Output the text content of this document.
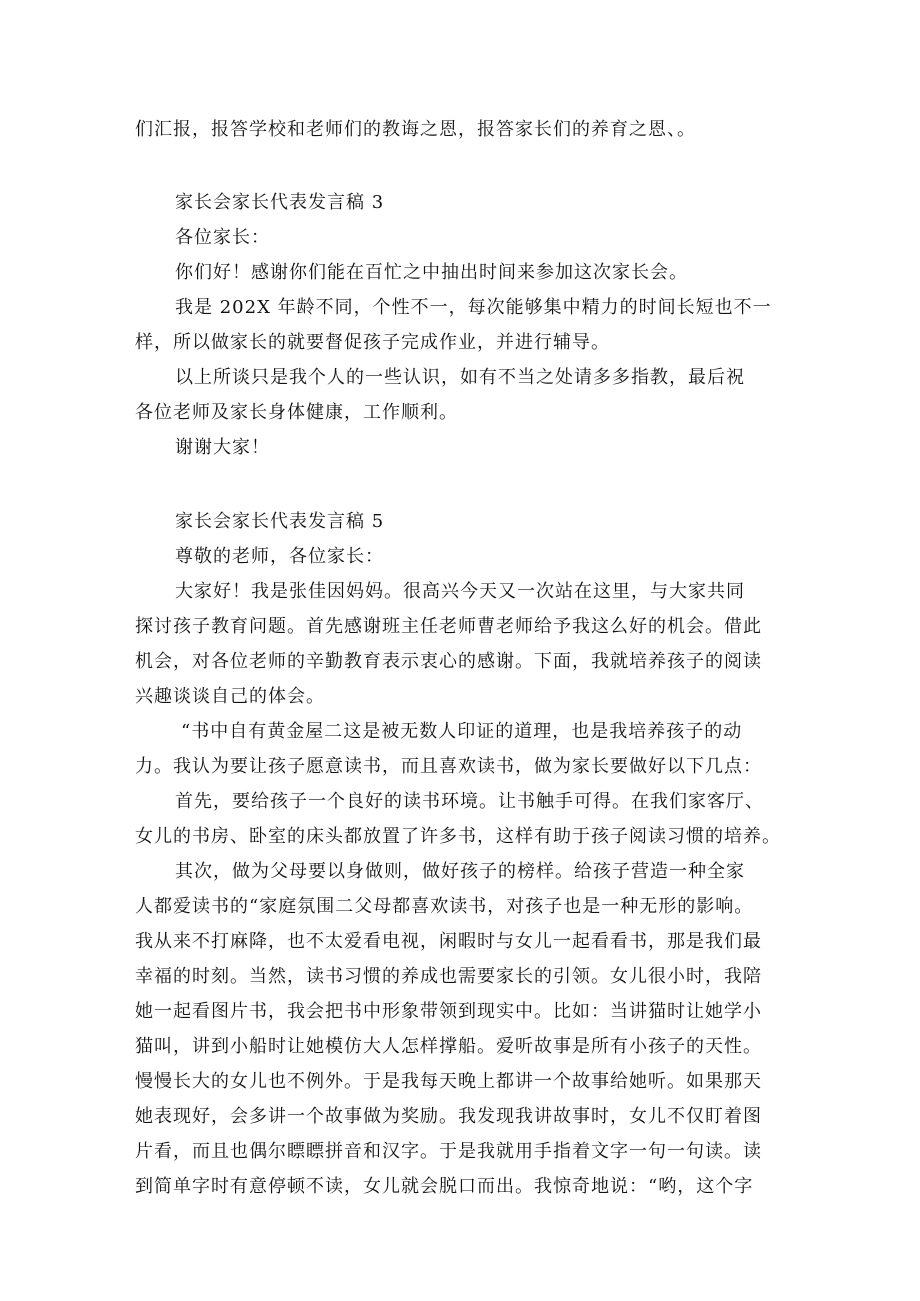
们汇报，报答学校和老师们的教诲之恩，报答家长们的养育之恩、。
家长会家长代表发言稿 3
各位家长：
你们好！感谢你们能在百忙之中抽出时间来参加这次家长会。
我是 202X 年龄不同，个性不一，每次能够集中精力的时间长短也不一
样，所以做家长的就要督促孩子完成作业，并进行辅导。
以上所谈只是我个人的一些认识，如有不当之处请多多指教，最后祝
各位老师及家长身体健康，工作顺利。
谢谢大家！
家长会家长代表发言稿 5
尊敬的老师，各位家长：
大家好！我是张佳因妈妈。很高兴今天又一次站在这里，与大家共同
探讨孩子教育问题。首先感谢班主任老师曹老师给予我这么好的机会。借此
机会，对各位老师的辛勤教育表示衷心的感谢。下面，我就培养孩子的阅读
兴趣谈谈自己的体会。
“书中自有黄金屋二这是被无数人印证的道理，也是我培养孩子的动
力。我认为要让孩子愿意读书，而且喜欢读书，做为家长要做好以下几点：
首先，要给孩子一个良好的读书环境。让书触手可得。在我们家客厅、
女儿的书房、卧室的床头都放置了许多书，这样有助于孩子阅读习惯的培养。
其次，做为父母要以身做则，做好孩子的榜样。给孩子营造一种全家
人都爱读书的“家庭氛围二父母都喜欢读书，对孩子也是一种无形的影响。
我从来不打麻降，也不太爱看电视，闲暇时与女儿一起看看书，那是我们最
幸福的时刻。当然，读书习惯的养成也需要家长的引领。女儿很小时，我陪
她一起看图片书，我会把书中形象带领到现实中。比如：当讲猫时让她学小
猫叫，讲到小船时让她模仿大人怎样撑船。爱听故事是所有小孩子的天性。
慢慢长大的女儿也不例外。于是我每天晚上都讲一个故事给她听。如果那天
她表现好，会多讲一个故事做为奖励。我发现我讲故事时，女儿不仅盯着图
片看，而且也偶尔瞟瞟拼音和汉字。于是我就用手指着文字一句一句读。读
到简单字时有意停顿不读，女儿就会脱口而出。我惊奇地说：“哟，这个字
